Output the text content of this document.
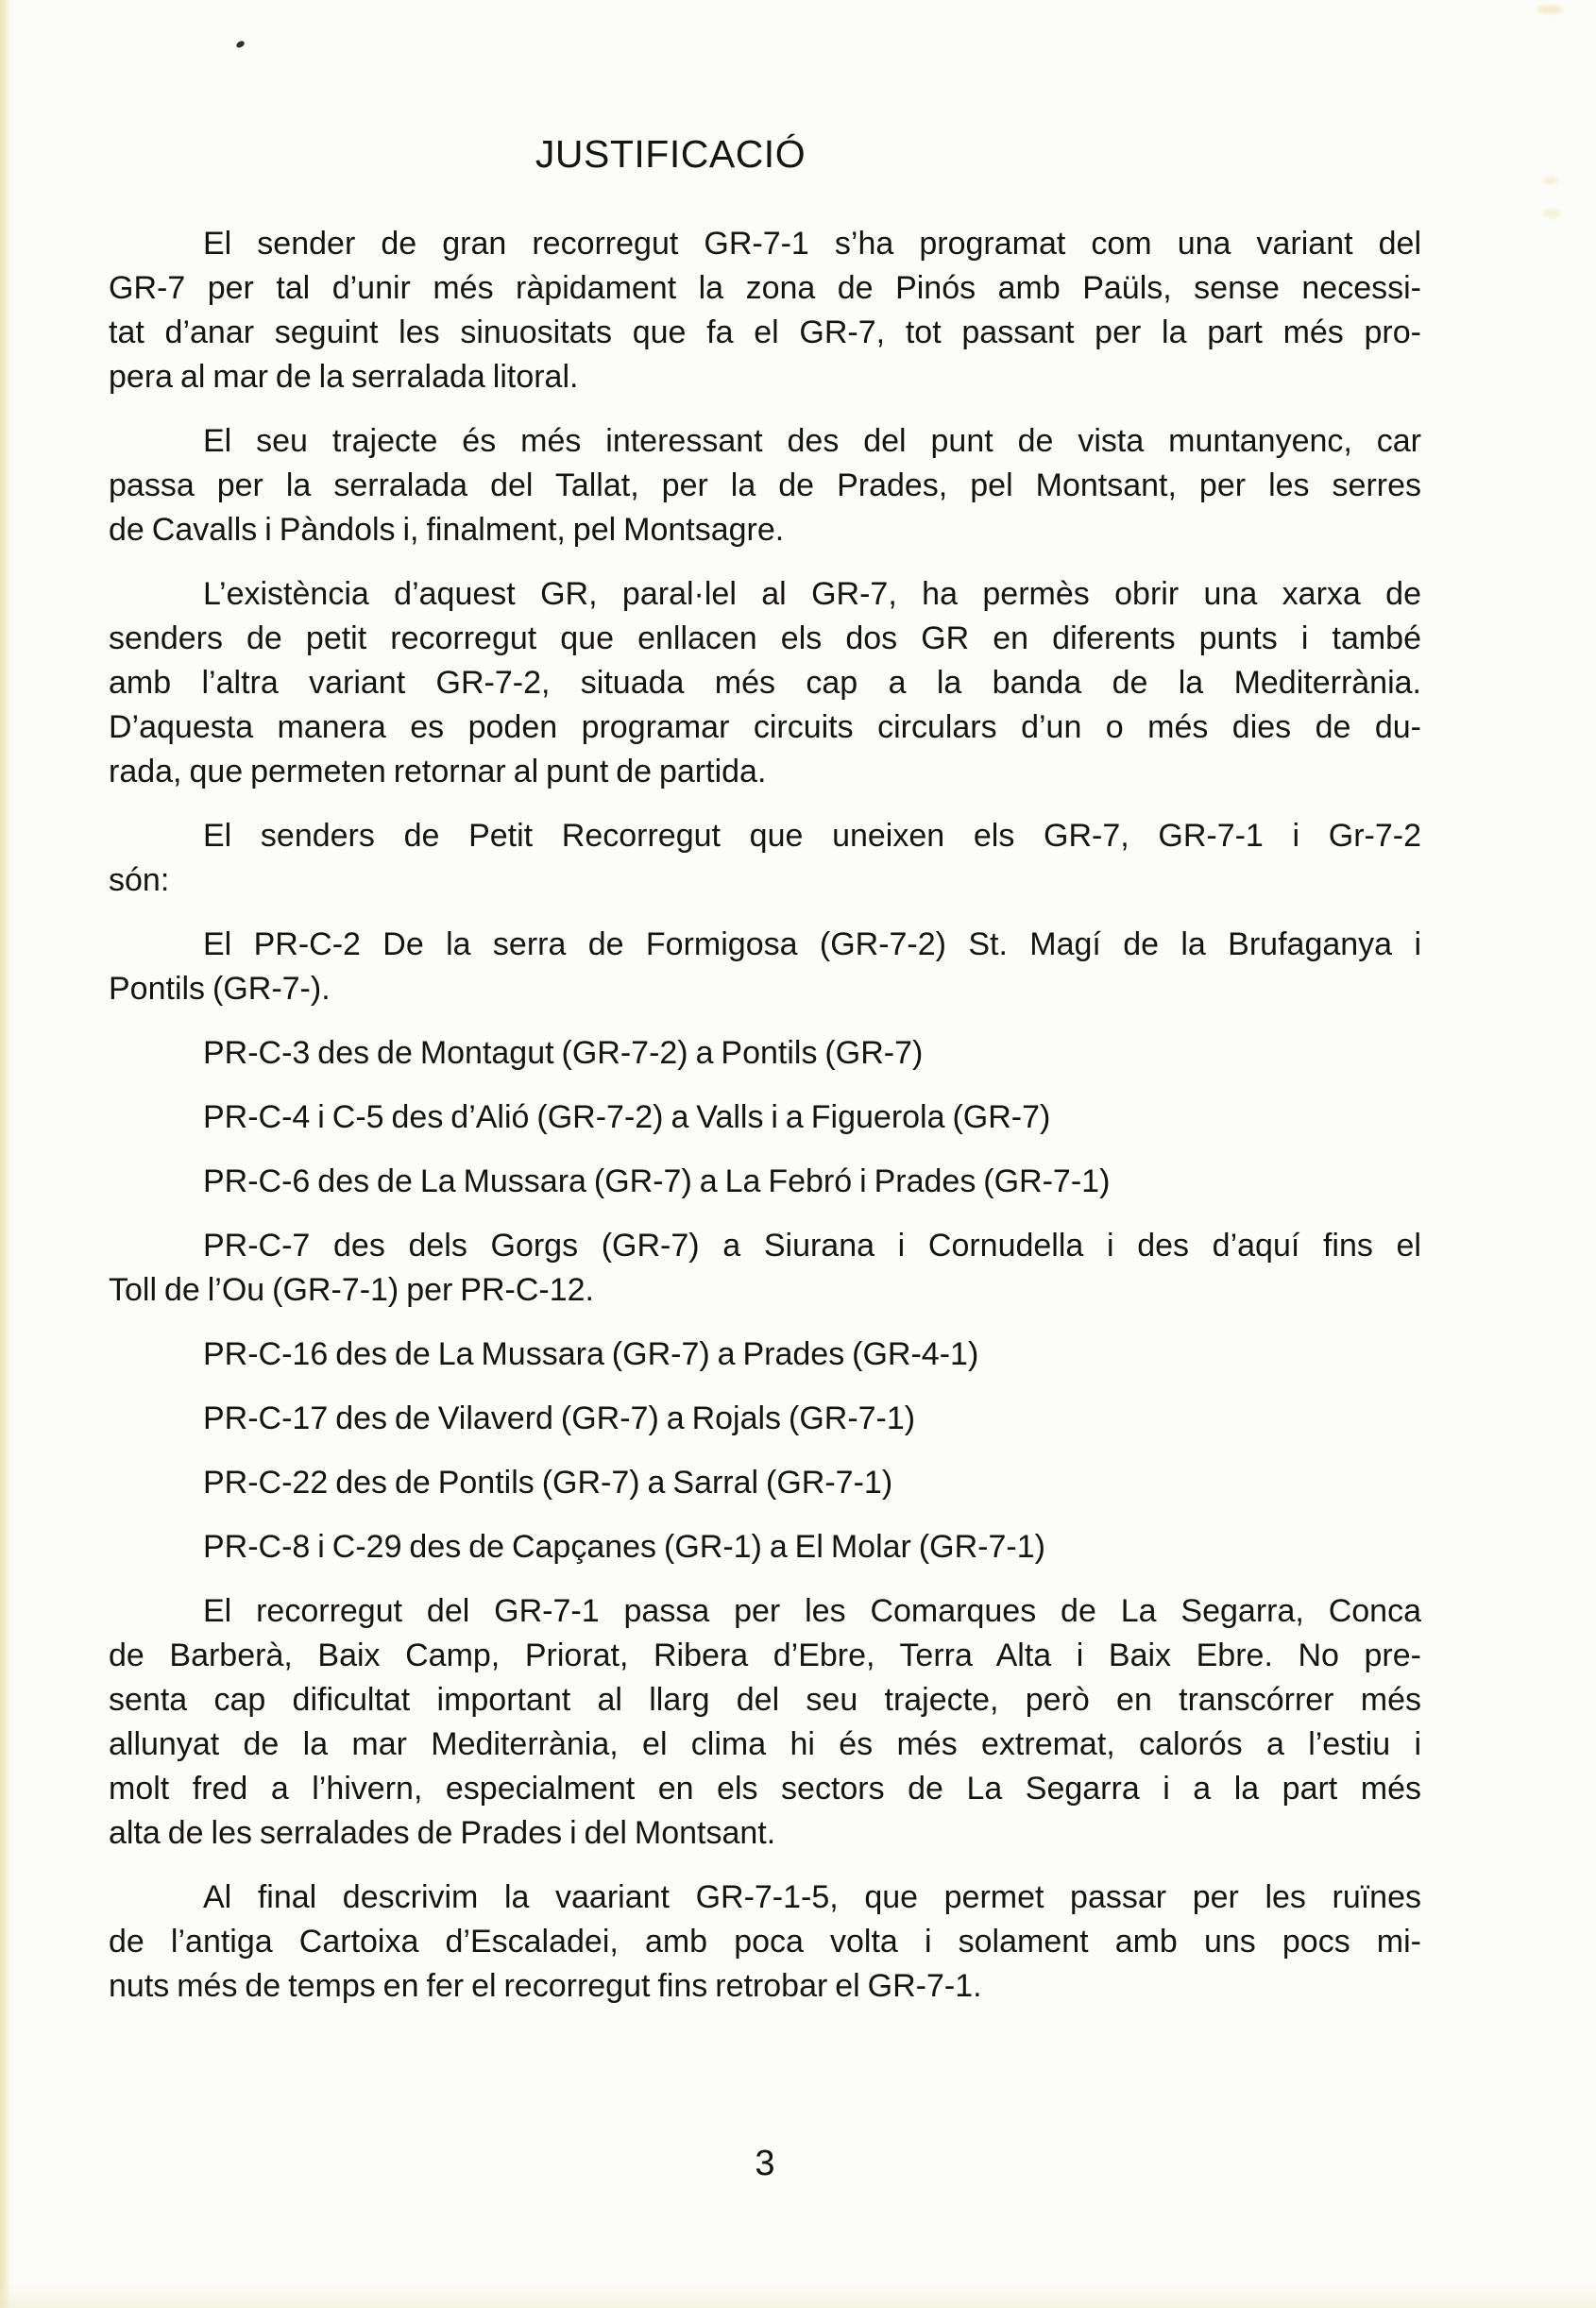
JUSTIFICACIÓ
El sender de gran recorregut GR-7-1 s’ha programat com una variant del
GR-7 per tal d’unir més ràpidament la zona de Pinós amb Paüls, sense necessi-
tat d’anar seguint les sinuositats que fa el GR-7, tot passant per la part més pro-
pera al mar de la serralada litoral.
El seu trajecte és més interessant des del punt de vista muntanyenc, car
passa per la serralada del Tallat, per la de Prades, pel Montsant, per les serres
de Cavalls i Pàndols i, finalment, pel Montsagre.
L’existència d’aquest GR, paral·lel al GR-7, ha permès obrir una xarxa de
senders de petit recorregut que enllacen els dos GR en diferents punts i també
amb l’altra variant GR-7-2, situada més cap a la banda de la Mediterrània.
D’aquesta manera es poden programar circuits circulars d’un o més dies de du-
rada, que permeten retornar al punt de partida.
El senders de Petit Recorregut que uneixen els GR-7, GR-7-1 i Gr-7-2
són:
El PR-C-2 De la serra de Formigosa (GR-7-2) St. Magí de la Brufaganya i
Pontils (GR-7-).
PR-C-3 des de Montagut (GR-7-2) a Pontils (GR-7)
PR-C-4 i C-5 des d’Alió (GR-7-2) a Valls i a Figuerola (GR-7)
PR-C-6 des de La Mussara (GR-7) a La Febró i Prades (GR-7-1)
PR-C-7 des dels Gorgs (GR-7) a Siurana i Cornudella i des d’aquí fins el
Toll de l’Ou (GR-7-1) per PR-C-12.
PR-C-16 des de La Mussara (GR-7) a Prades (GR-4-1)
PR-C-17 des de Vilaverd (GR-7) a Rojals (GR-7-1)
PR-C-22 des de Pontils (GR-7) a Sarral (GR-7-1)
PR-C-8 i C-29 des de Capçanes (GR-1) a El Molar (GR-7-1)
El recorregut del GR-7-1 passa per les Comarques de La Segarra, Conca
de Barberà, Baix Camp, Priorat, Ribera d’Ebre, Terra Alta i Baix Ebre. No pre-
senta cap dificultat important al llarg del seu trajecte, però en transcórrer més
allunyat de la mar Mediterrània, el clima hi és més extremat, calorós a l’estiu i
molt fred a l’hivern, especialment en els sectors de La Segarra i a la part més
alta de les serralades de Prades i del Montsant.
Al final descrivim la vaariant GR-7-1-5, que permet passar per les ruïnes
de l’antiga Cartoixa d’Escaladei, amb poca volta i solament amb uns pocs mi-
nuts més de temps en fer el recorregut fins retrobar el GR-7-1.
3
